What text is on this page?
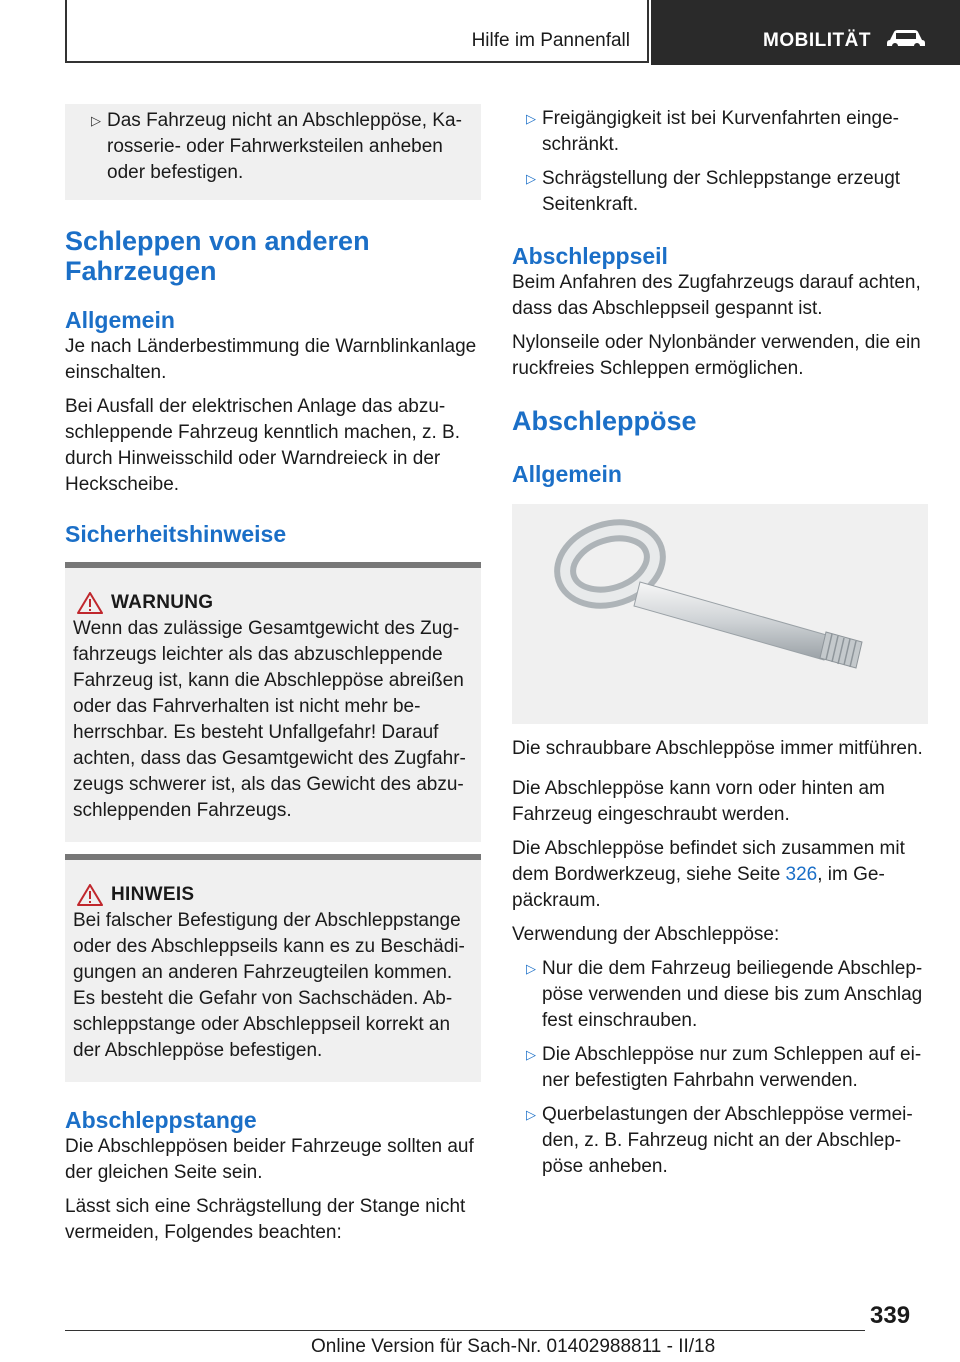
Hilfe im Pannenfall	MOBILITÄT
▷ Das Fahrzeug nicht an Abschleppöse, Karosserie- oder Fahrwerksteilen anheben oder befestigen.
Schleppen von anderen Fahrzeugen
Allgemein

Je nach Länderbestimmung die Warnblinkanlage einschalten.

Bei Ausfall der elektrischen Anlage das abzuschleppende Fahrzeug kenntlich machen, z. B. durch Hinweisschild oder Warndreieck in der Heckscheibe.

Sicherheitshinweise
WARNUNG

Wenn das zulässige Gesamtgewicht des Zugfahrzeugs leichter als das abzuschleppende Fahrzeug ist, kann die Abschleppöse abreißen oder das Fahrverhalten ist nicht mehr beherrschbar. Es besteht Unfallgefahr! Darauf achten, dass das Gesamtgewicht des Zugfahrzeugs schwerer ist, als das Gewicht des abzuschleppenden Fahrzeugs.

HINWEIS

Bei falscher Befestigung der Abschleppstange oder des Abschleppseils kann es zu Beschädigungen an anderen Fahrzeugteilen kommen. Es besteht die Gefahr von Sachschäden. Abschleppstange oder Abschleppseil korrekt an der Abschleppöse befestigen.

Abschleppstange

Die Abschleppösen beider Fahrzeuge sollten auf der gleichen Seite sein.

Lässt sich eine Schrägstellung der Stange nicht vermeiden, Folgendes beachten:

▷ Freigängigkeit ist bei Kurvenfahrten eingeschränkt.
▷ Schrägstellung der Schleppstange erzeugt Seitenkraft.
Abschleppseil

Beim Anfahren des Zugfahrzeugs darauf achten, dass das Abschleppseil gespannt ist.

Nylonseile oder Nylonbänder verwenden, die ein ruckfreies Schleppen ermöglichen.

Abschleppöse
Allgemein

Die schraubbare Abschleppöse immer mitführen.

Die Abschleppöse kann vorn oder hinten am Fahrzeug eingeschraubt werden.

Die Abschleppöse befindet sich zusammen mit dem Bordwerkzeug, siehe Seite 326, im Gepäckraum.

Verwendung der Abschleppöse:

▷ Nur die dem Fahrzeug beiliegende Abschleppöse verwenden und diese bis zum Anschlag fest einschrauben.
▷ Die Abschleppöse nur zum Schleppen auf einer befestigten Fahrbahn verwenden.
▷ Querbelastungen der Abschleppöse vermeiden, z. B. Fahrzeug nicht an der Abschleppöse anheben.
339
Online Version für Sach-Nr. 01402988811 - II/18
